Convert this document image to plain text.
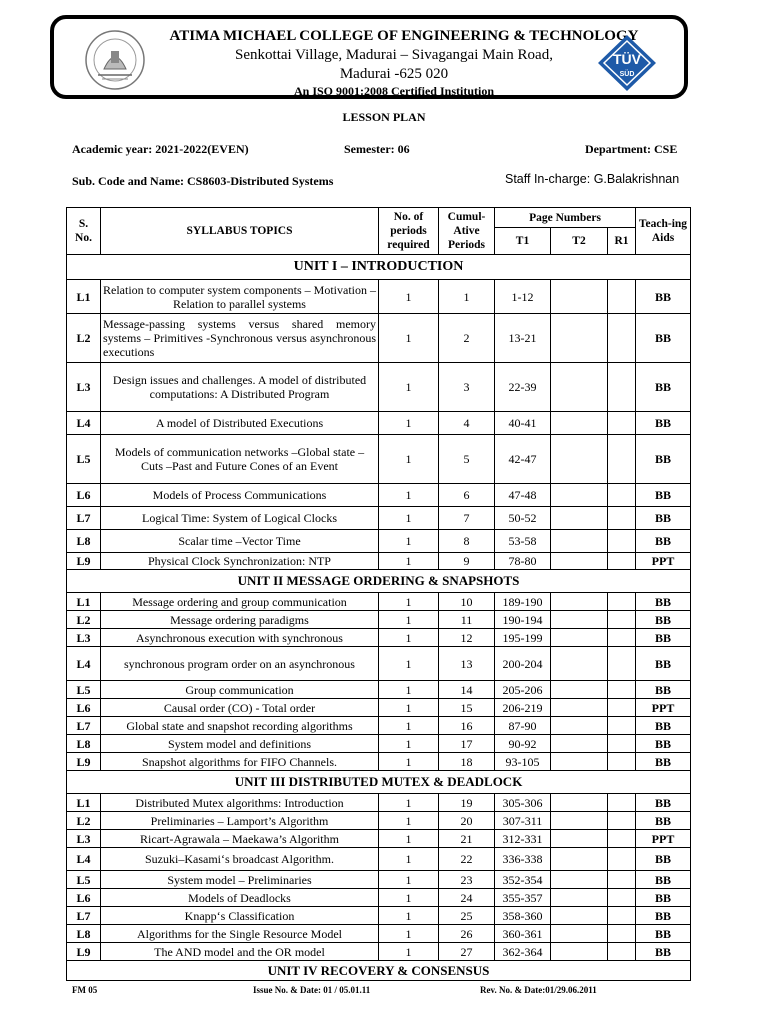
ATIMA MICHAEL COLLEGE OF ENGINEERING & TECHNOLOGY
Senkottai Village, Madurai – Sivagangai Main Road,
Madurai -625 020
An ISO 9001:2008 Certified Institution
TÜV
SÜD
LESSON PLAN
Academic year: 2021-2022(EVEN)	Semester: 06	Department: CSE
Sub. Code and Name: CS8603-Distributed Systems	Staff In-charge: G.Balakrishnan
S. No.	SYLLABUS TOPICS	No. of periods required	Cumul-Ative Periods	Page Numbers			Teach-ing Aids
				T1	T2	R1	
UNIT I – INTRODUCTION							
L1	Relation to computer system components – Motivation – Relation to parallel systems	1	1	1-12			BB
L2	Message-passing systems versus shared memory systems – Primitives -Synchronous versus asynchronous executions	1	2	13-21			BB
L3	Design issues and challenges. A model of distributed computations: A Distributed Program	1	3	22-39			BB
L4	A model of Distributed Executions	1	4	40-41			BB
L5	Models of communication networks –Global state – Cuts –Past and Future Cones of an Event	1	5	42-47			BB
L6	Models of Process Communications	1	6	47-48			BB
L7	Logical Time: System of Logical Clocks	1	7	50-52			BB
L8	Scalar time –Vector Time	1	8	53-58			BB
L9	Physical Clock Synchronization: NTP	1	9	78-80			PPT
UNIT II MESSAGE ORDERING & SNAPSHOTS							
L1	Message ordering and group communication	1	10	189-190			BB
L2	Message ordering paradigms	1	11	190-194			BB
L3	Asynchronous execution with synchronous	1	12	195-199			BB
L4	synchronous program order on an asynchronous	1	13	200-204			BB
L5	Group communication	1	14	205-206			BB
L6	Causal order (CO) - Total order	1	15	206-219			PPT
L7	Global state and snapshot recording algorithms	1	16	87-90			BB
L8	System model and definitions	1	17	90-92			BB
L9	Snapshot algorithms for FIFO Channels.	1	18	93-105			BB
UNIT III DISTRIBUTED MUTEX & DEADLOCK							
L1	Distributed Mutex algorithms: Introduction	1	19	305-306			BB
L2	Preliminaries – Lamport’s Algorithm	1	20	307-311			BB
L3	Ricart-Agrawala – Maekawa’s Algorithm	1	21	312-331			PPT
L4	Suzuki–Kasami‘s broadcast Algorithm.	1	22	336-338			BB
L5	System model – Preliminaries	1	23	352-354			BB
L6	Models of Deadlocks	1	24	355-357			BB
L7	Knapp‘s Classification	1	25	358-360			BB
L8	Algorithms for the Single Resource Model	1	26	360-361			BB
L9	The AND model and the OR model	1	27	362-364			BB
UNIT IV RECOVERY & CONSENSUS							
FM 05	Issue No. & Date: 01 / 05.01.11	Rev. No. & Date:01/29.06.2011
